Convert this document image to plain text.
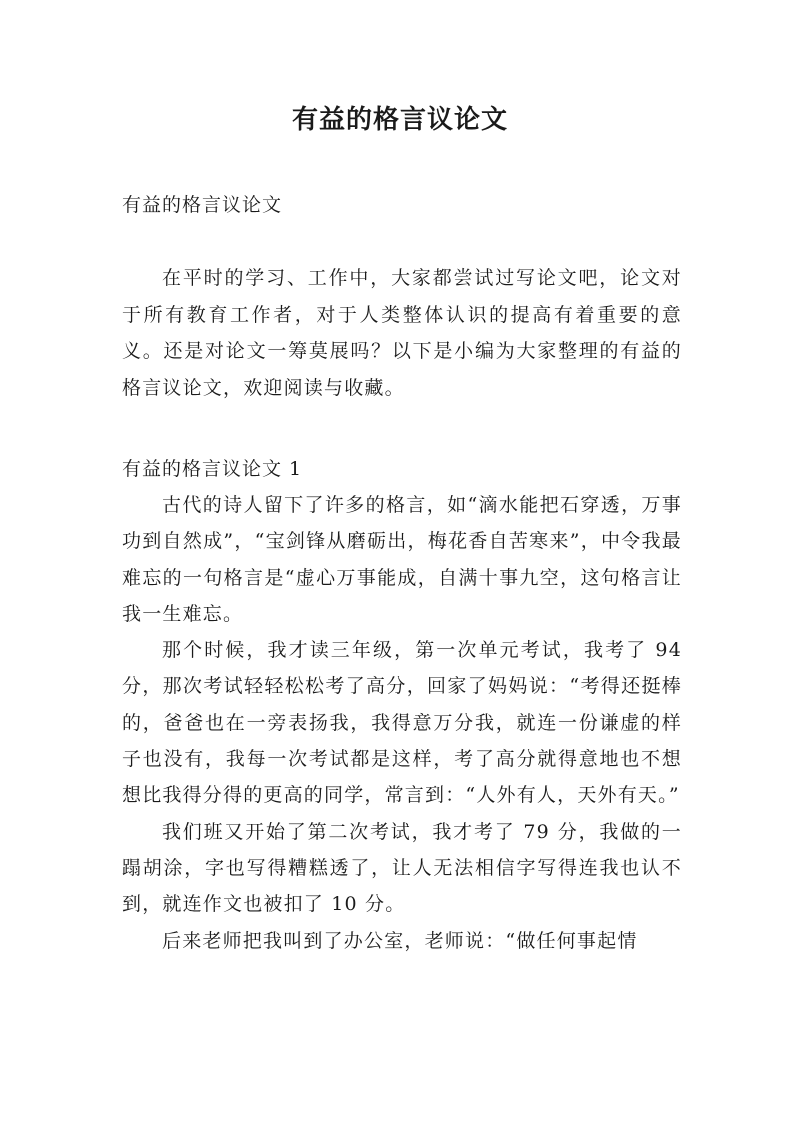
有益的格言议论文
有益的格言议论文

在平时的学习、工作中，大家都尝试过写论文吧，论文对于所有教育工作者，对于人类整体认识的提高有着重要的意义。还是对论文一筹莫展吗？以下是小编为大家整理的有益的格言议论文，欢迎阅读与收藏。

有益的格言议论文 1

古代的诗人留下了许多的格言，如“滴水能把石穿透，万事功到自然成”，“宝剑锋从磨砺出，梅花香自苦寒来”，中令我最难忘的一句格言是“虚心万事能成，自满十事九空，这句格言让我一生难忘。

那个时候，我才读三年级，第一次单元考试，我考了 94 分，那次考试轻轻松松考了高分，回家了妈妈说：“考得还挺棒的，爸爸也在一旁表扬我，我得意万分我，就连一份谦虚的样子也没有，我每一次考试都是这样，考了高分就得意地也不想想比我得分得的更高的同学，常言到：“人外有人，天外有天。”

我们班又开始了第二次考试，我才考了 79 分，我做的一蹋胡涂，字也写得糟糕透了，让人无法相信字写得连我也认不到，就连作文也被扣了 10 分。

后来老师把我叫到了办公室，老师说：“做任何事起情
